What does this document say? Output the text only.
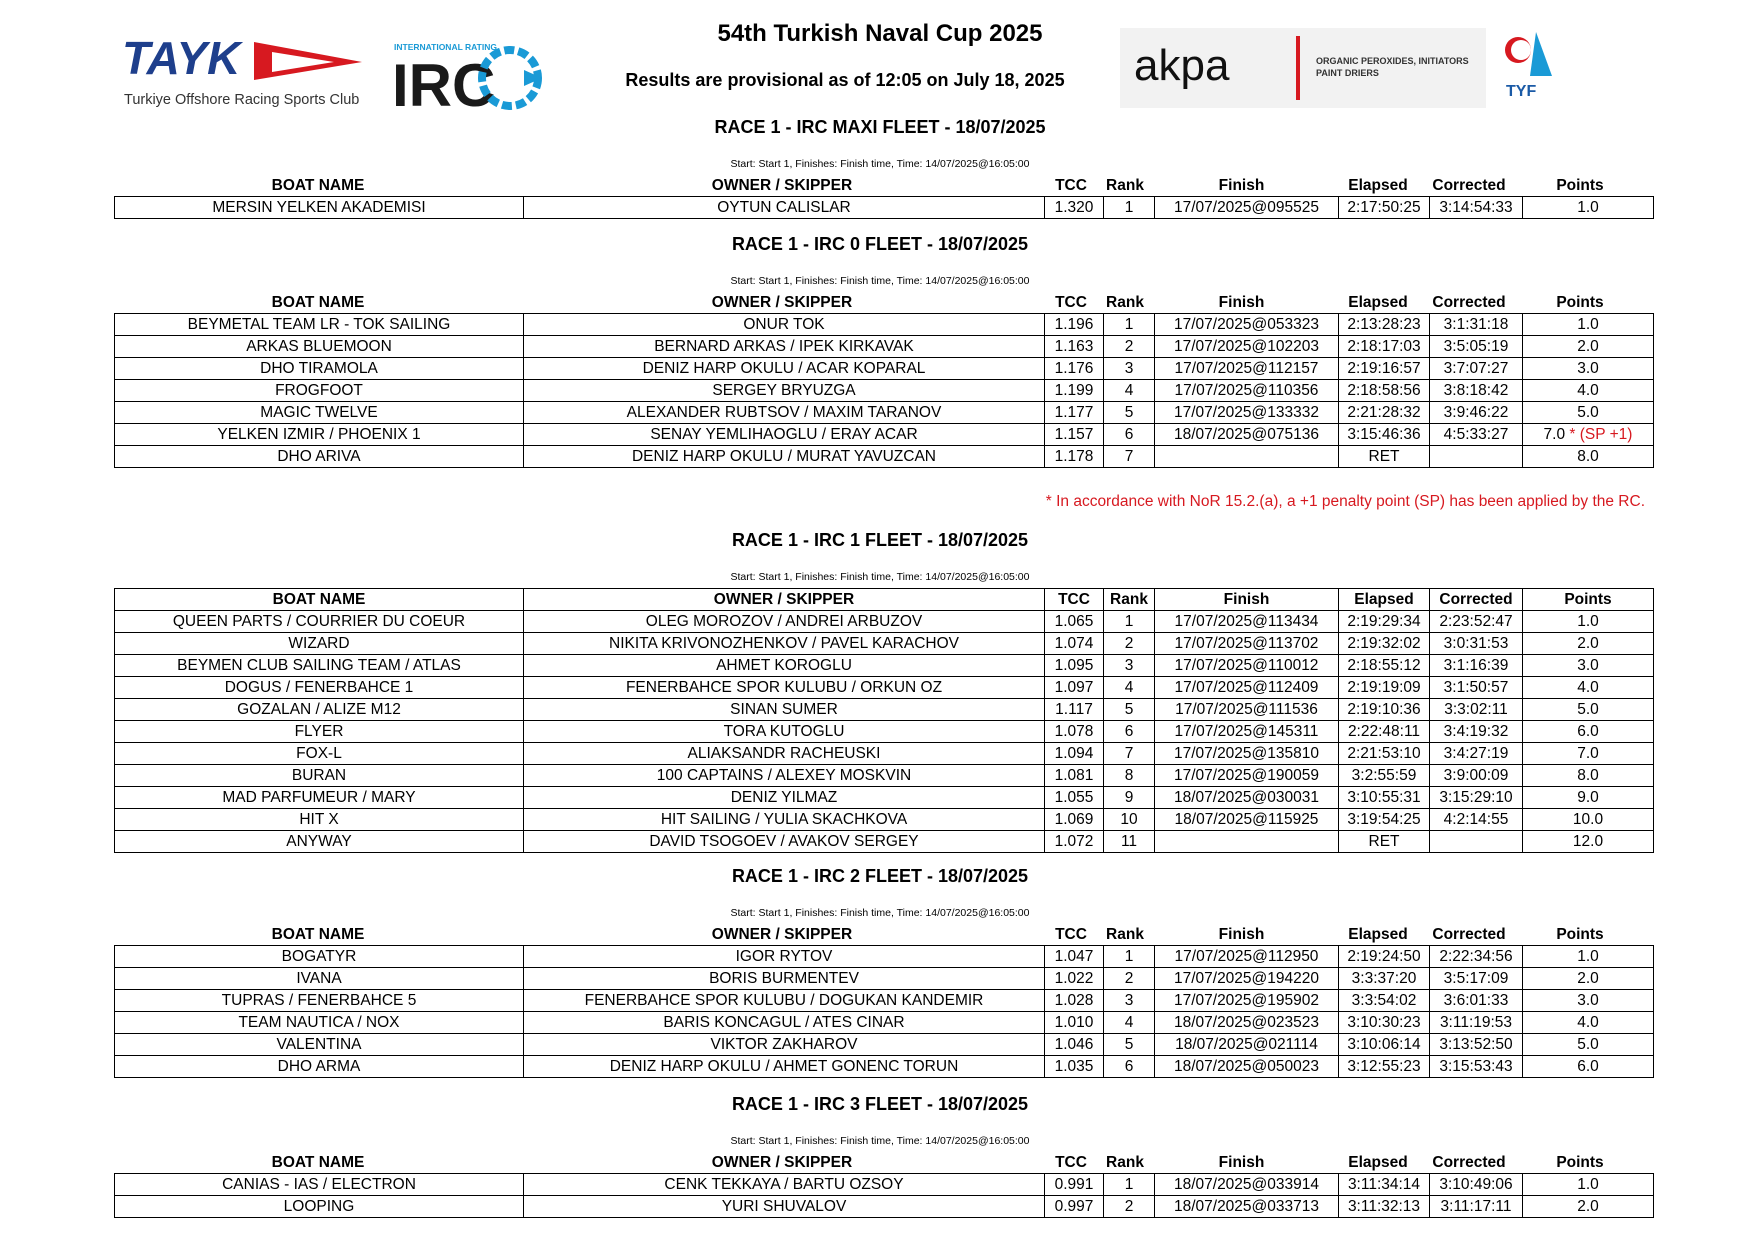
TAYK
Turkiye Offshore Racing Sports Club
INTERNATIONAL RATING
IRC	akpa	ORGANIC PEROXIDES, INITIATORS
PAINT DRIERS
TYF
54th Turkish Naval Cup 2025
Results are provisional as of 12:05 on July 18, 2025
RACE 1 - IRC MAXI FLEET - 18/07/2025
Start: Start 1, Finishes: Finish time, Time: 14/07/2025@16:05:00
BOAT NAME	OWNER / SKIPPER	TCC	Rank	Finish	Elapsed	Corrected	Points
MERSIN YELKEN AKADEMISI	OYTUN CALISLAR	1.320	1	17/07/2025@095525	2:17:50:25	3:14:54:33	1.0
RACE 1 - IRC 0 FLEET - 18/07/2025
Start: Start 1, Finishes: Finish time, Time: 14/07/2025@16:05:00
BOAT NAME	OWNER / SKIPPER	TCC	Rank	Finish	Elapsed	Corrected	Points
BEYMETAL TEAM LR - TOK SAILING	ONUR TOK	1.196	1	17/07/2025@053323	2:13:28:23	3:1:31:18	1.0
ARKAS BLUEMOON	BERNARD ARKAS / IPEK KIRKAVAK	1.163	2	17/07/2025@102203	2:18:17:03	3:5:05:19	2.0
DHO TIRAMOLA	DENIZ HARP OKULU / ACAR KOPARAL	1.176	3	17/07/2025@112157	2:19:16:57	3:7:07:27	3.0
FROGFOOT	SERGEY BRYUZGA	1.199	4	17/07/2025@110356	2:18:58:56	3:8:18:42	4.0
MAGIC TWELVE	ALEXANDER RUBTSOV / MAXIM TARANOV	1.177	5	17/07/2025@133332	2:21:28:32	3:9:46:22	5.0
YELKEN IZMIR / PHOENIX 1	SENAY YEMLIHAOGLU / ERAY ACAR	1.157	6	18/07/2025@075136	3:15:46:36	4:5:33:27	7.0 * (SP +1)
DHO ARIVA	DENIZ HARP OKULU / MURAT YAVUZCAN	1.178	7		RET		8.0
RACE 1 - IRC 1 FLEET - 18/07/2025
Start: Start 1, Finishes: Finish time, Time: 14/07/2025@16:05:00
BOAT NAME	OWNER / SKIPPER	TCC	Rank	Finish	Elapsed	Corrected	Points
QUEEN PARTS / COURRIER DU COEUR	OLEG MOROZOV / ANDREI ARBUZOV	1.065	1	17/07/2025@113434	2:19:29:34	2:23:52:47	1.0
WIZARD	NIKITA KRIVONOZHENKOV / PAVEL KARACHOV	1.074	2	17/07/2025@113702	2:19:32:02	3:0:31:53	2.0
BEYMEN CLUB SAILING TEAM / ATLAS	AHMET KOROGLU	1.095	3	17/07/2025@110012	2:18:55:12	3:1:16:39	3.0
DOGUS / FENERBAHCE 1	FENERBAHCE SPOR KULUBU / ORKUN OZ	1.097	4	17/07/2025@112409	2:19:19:09	3:1:50:57	4.0
GOZALAN / ALIZE M12	SINAN SUMER	1.117	5	17/07/2025@111536	2:19:10:36	3:3:02:11	5.0
FLYER	TORA KUTOGLU	1.078	6	17/07/2025@145311	2:22:48:11	3:4:19:32	6.0
FOX-L	ALIAKSANDR RACHEUSKI	1.094	7	17/07/2025@135810	2:21:53:10	3:4:27:19	7.0
BURAN	100 CAPTAINS / ALEXEY MOSKVIN	1.081	8	17/07/2025@190059	3:2:55:59	3:9:00:09	8.0
MAD PARFUMEUR / MARY	DENIZ YILMAZ	1.055	9	18/07/2025@030031	3:10:55:31	3:15:29:10	9.0
HIT X	HIT SAILING / YULIA SKACHKOVA	1.069	10	18/07/2025@115925	3:19:54:25	4:2:14:55	10.0
ANYWAY	DAVID TSOGOEV / AVAKOV SERGEY	1.072	11		RET		12.0
RACE 1 - IRC 2 FLEET - 18/07/2025
Start: Start 1, Finishes: Finish time, Time: 14/07/2025@16:05:00
BOAT NAME	OWNER / SKIPPER	TCC	Rank	Finish	Elapsed	Corrected	Points
BOGATYR	IGOR RYTOV	1.047	1	17/07/2025@112950	2:19:24:50	2:22:34:56	1.0
IVANA	BORIS BURMENTEV	1.022	2	17/07/2025@194220	3:3:37:20	3:5:17:09	2.0
TUPRAS / FENERBAHCE 5	FENERBAHCE SPOR KULUBU / DOGUKAN KANDEMIR	1.028	3	17/07/2025@195902	3:3:54:02	3:6:01:33	3.0
TEAM NAUTICA / NOX	BARIS KONCAGUL / ATES CINAR	1.010	4	18/07/2025@023523	3:10:30:23	3:11:19:53	4.0
VALENTINA	VIKTOR ZAKHAROV	1.046	5	18/07/2025@021114	3:10:06:14	3:13:52:50	5.0
DHO ARMA	DENIZ HARP OKULU / AHMET GONENC TORUN	1.035	6	18/07/2025@050023	3:12:55:23	3:15:53:43	6.0
RACE 1 - IRC 3 FLEET - 18/07/2025
Start: Start 1, Finishes: Finish time, Time: 14/07/2025@16:05:00
BOAT NAME	OWNER / SKIPPER	TCC	Rank	Finish	Elapsed	Corrected	Points
CANIAS - IAS / ELECTRON	CENK TEKKAYA / BARTU OZSOY	0.991	1	18/07/2025@033914	3:11:34:14	3:10:49:06	1.0
LOOPING	YURI SHUVALOV	0.997	2	18/07/2025@033713	3:11:32:13	3:11:17:11	2.0
* In accordance with NoR 15.2.(a), a +1 penalty point (SP) has been applied by the RC.
